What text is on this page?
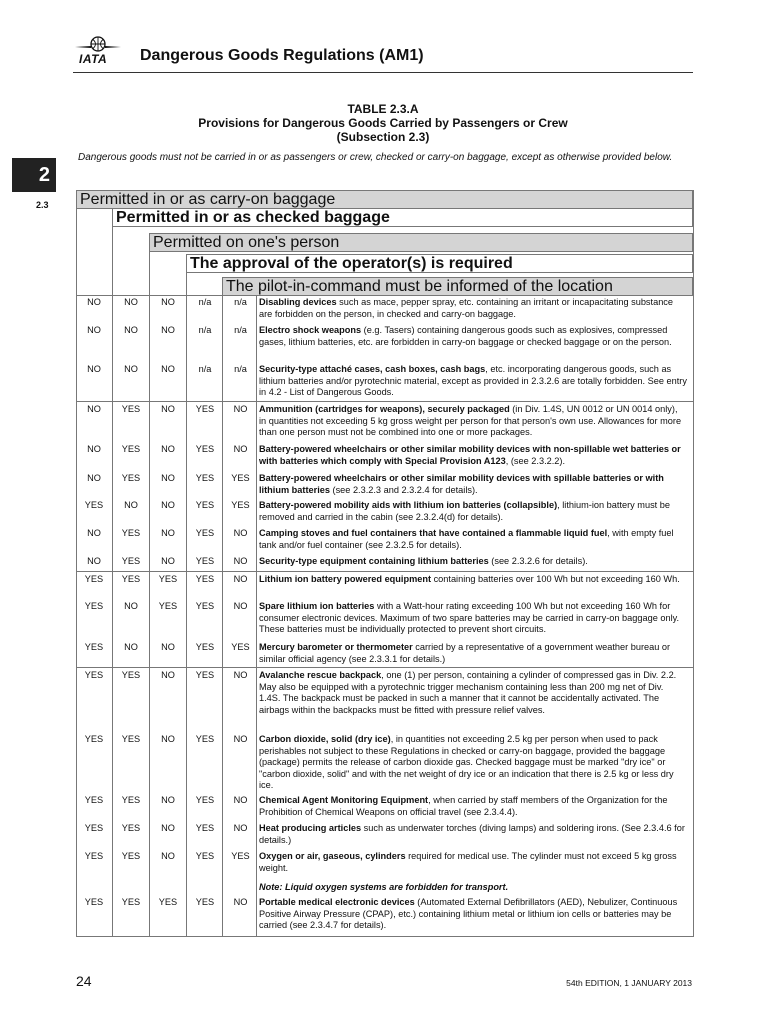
IATA Dangerous Goods Regulations (AM1)
2
2.3
TABLE 2.3.A
Provisions for Dangerous Goods Carried by Passengers or Crew
(Subsection 2.3)
Dangerous goods must not be carried in or as passengers or crew, checked or carry-on baggage, except as otherwise provided below.
Permitted in or as carry-on baggage
Permitted in or as checked baggage
Permitted on one's person
The approval of the operator(s) is required
The pilot-in-command must be informed of the location
NO	NO	NO	n/a	n/a	Disabling devices such as mace, pepper spray, etc. containing an irritant or incapacitating substance are forbidden on the person, in checked and carry-on baggage.
NO	NO	NO	n/a	n/a	Electro shock weapons (e.g. Tasers) containing dangerous goods such as explosives, compressed gases, lithium batteries, etc. are forbidden in carry-on baggage or checked baggage or on the person.
NO	NO	NO	n/a	n/a	Security-type attaché cases, cash boxes, cash bags, etc. incorporating dangerous goods, such as lithium batteries and/or pyrotechnic material, except as provided in 2.3.2.6 are totally forbidden. See entry in 4.2 - List of Dangerous Goods.
NO	YES	NO	YES	NO	Ammunition (cartridges for weapons), securely packaged (in Div. 1.4S, UN 0012 or UN 0014 only), in quantities not exceeding 5 kg gross weight per person for that person's own use. Allowances for more than one person must not be combined into one or more packages.
NO	YES	NO	YES	NO	Battery-powered wheelchairs or other similar mobility devices with non-spillable wet batteries or with batteries which comply with Special Provision A123, (see 2.3.2.2).
NO	YES	NO	YES	YES	Battery-powered wheelchairs or other similar mobility devices with spillable batteries or with lithium batteries (see 2.3.2.3 and 2.3.2.4 for details).
YES	NO	NO	YES	YES	Battery-powered mobility aids with lithium ion batteries (collapsible), lithium-ion battery must be removed and carried in the cabin (see 2.3.2.4(d) for details).
NO	YES	NO	YES	NO	Camping stoves and fuel containers that have contained a flammable liquid fuel, with empty fuel tank and/or fuel container (see 2.3.2.5 for details).
NO	YES	NO	YES	NO	Security-type equipment containing lithium batteries (see 2.3.2.6 for details).
YES	YES	YES	YES	NO	Lithium ion battery powered equipment containing batteries over 100 Wh but not exceeding 160 Wh.
YES	NO	YES	YES	NO	Spare lithium ion batteries with a Watt-hour rating exceeding 100 Wh but not exceeding 160 Wh for consumer electronic devices. Maximum of two spare batteries may be carried in carry-on baggage only. These batteries must be individually protected to prevent short circuits.
YES	NO	NO	YES	YES	Mercury barometer or thermometer carried by a representative of a government weather bureau or similar official agency (see 2.3.3.1 for details.)
YES	YES	NO	YES	NO	Avalanche rescue backpack, one (1) per person, containing a cylinder of compressed gas in Div. 2.2. May also be equipped with a pyrotechnic trigger mechanism containing less than 200 mg net of Div. 1.4S. The backpack must be packed in such a manner that it cannot be accidentally activated. The airbags within the backpacks must be fitted with pressure relief valves.
YES	YES	NO	YES	NO	Carbon dioxide, solid (dry ice), in quantities not exceeding 2.5 kg per person when used to pack perishables not subject to these Regulations in checked or carry-on baggage, provided the baggage (package) permits the release of carbon dioxide gas. Checked baggage must be marked "dry ice" or "carbon dioxide, solid" and with the net weight of dry ice or an indication that there is 2.5 kg or less dry ice.
YES	YES	NO	YES	NO	Chemical Agent Monitoring Equipment, when carried by staff members of the Organization for the Prohibition of Chemical Weapons on official travel (see 2.3.4.4).
YES	YES	NO	YES	NO	Heat producing articles such as underwater torches (diving lamps) and soldering irons. (See 2.3.4.6 for details.)
YES	YES	NO	YES	YES	Oxygen or air, gaseous, cylinders required for medical use. The cylinder must not exceed 5 kg gross weight.
Note: Liquid oxygen systems are forbidden for transport.
YES	YES	YES	YES	NO	Portable medical electronic devices (Automated External Defibrillators (AED), Nebulizer, Continuous Positive Airway Pressure (CPAP), etc.) containing lithium metal or lithium ion cells or batteries may be carried (see 2.3.4.7 for details).
24	54th EDITION, 1 JANUARY 2013
